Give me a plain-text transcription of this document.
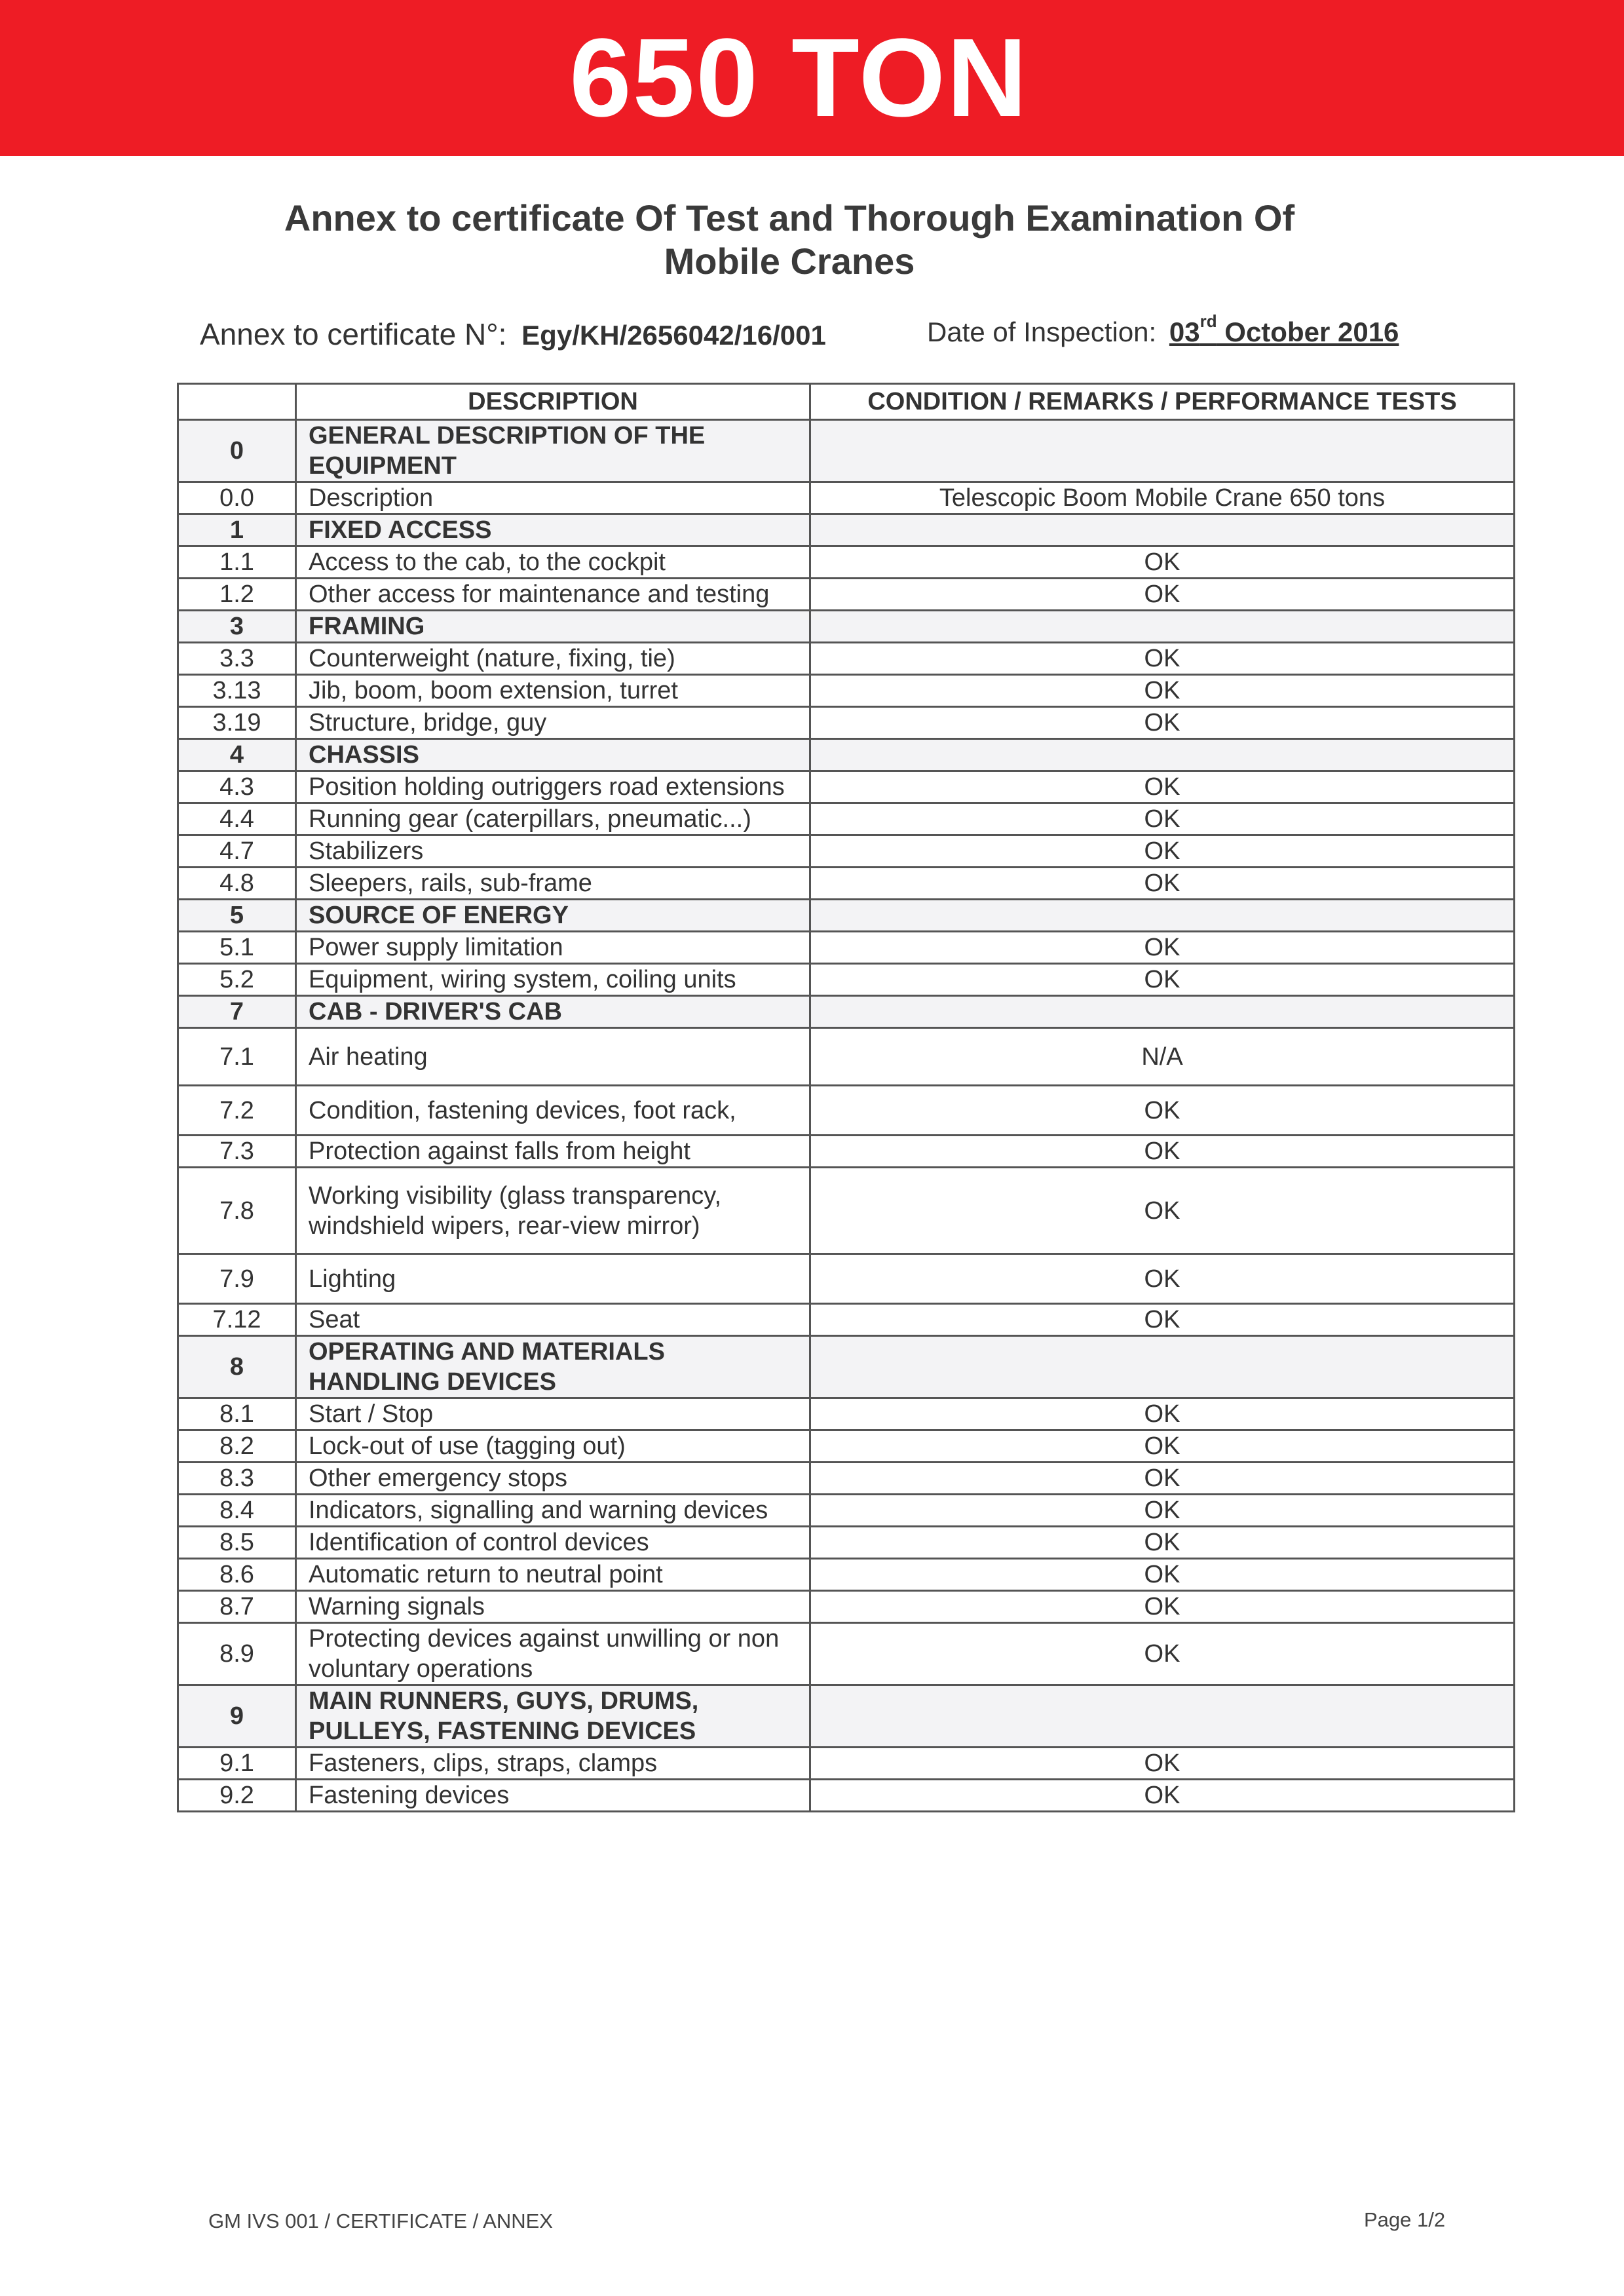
650 TON
Annex to certificate Of Test and Thorough Examination Of
Mobile Cranes
Annex to certificate N°: Egy/KH/2656042/16/001	Date of Inspection: 03rd October 2016
	DESCRIPTION	CONDITION / REMARKS / PERFORMANCE TESTS
0	GENERAL DESCRIPTION OF THE EQUIPMENT	
0.0	Description	Telescopic Boom Mobile Crane 650 tons
1	FIXED ACCESS	
1.1	Access to the cab, to the cockpit	OK
1.2	Other access for maintenance and testing	OK
3	FRAMING	
3.3	Counterweight (nature, fixing, tie)	OK
3.13	Jib, boom, boom extension, turret	OK
3.19	Structure, bridge, guy	OK
4	CHASSIS	
4.3	Position holding outriggers road extensions	OK
4.4	Running gear (caterpillars, pneumatic...)	OK
4.7	Stabilizers	OK
4.8	Sleepers, rails, sub-frame	OK
5	SOURCE OF ENERGY	
5.1	Power supply limitation	OK
5.2	Equipment, wiring system, coiling units	OK
7	CAB - DRIVER'S CAB	
7.1	Air heating	N/A
7.2	Condition, fastening devices, foot rack,	OK
7.3	Protection against falls from height	OK
7.8	Working visibility (glass transparency, windshield wipers, rear-view mirror)	OK
7.9	Lighting	OK
7.12	Seat	OK
8	OPERATING AND MATERIALS HANDLING DEVICES	
8.1	Start / Stop	OK
8.2	Lock-out of use (tagging out)	OK
8.3	Other emergency stops	OK
8.4	Indicators, signalling and warning devices	OK
8.5	Identification of control devices	OK
8.6	Automatic return to neutral point	OK
8.7	Warning signals	OK
8.9	Protecting devices against unwilling or non voluntary operations	OK
9	MAIN RUNNERS, GUYS, DRUMS, PULLEYS, FASTENING DEVICES	
9.1	Fasteners, clips, straps, clamps	OK
9.2	Fastening devices	OK
GM IVS 001 / CERTIFICATE / ANNEX	Page 1/2
